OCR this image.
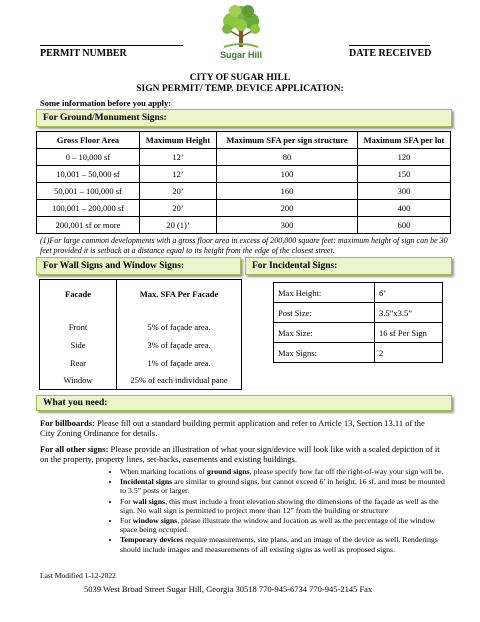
PERMIT NUMBER	DATE RECEIVED
Sugar Hill
CITY OF SUGAR HILL
SIGN PERMIT/ TEMP. DEVICE APPLICATION:
Some information before you apply:
For Ground/Monument Signs:
Gross Floor Area	Maximum Height	Maximum SFA per sign structure	Maximum SFA per lot
0 – 10,000 sf	12’	80	120
10,001 – 50,000 sf	12’	100	150
50,001 – 100,000 sf	20’	160	300
100,001 – 200,000 sf	20’	200	400
200,001 sf or more	20 (1)’	300	600
(1)For large common developments with a gross floor area in excess of 200,000 square feet: maximum height of sign can be 30 feet provided it is setback at a distance equal to its height from the edge of the closest street.
For Wall Signs and Window Signs:
Facade	Max. SFA Per Facade

Front	5% of façade area.
Side	3% of façade area.
Rear	1% of façade area.
Window	25% of each individual pane
For Incidental Signs:
Max Height:	6’
Post Size:	3.5”x3.5”
Max Size:	16 sf Per Sign
Max Signs:	2
What you need:
For billboards: Please fill out a standard building permit application and refer to Article 13, Section 13.11 of the City Zoning Ordinance for details.
For all other signs: Please provide an illustration of what your sign/device will look like with a scaled depiction of it on the property, property lines, set-backs, easements and existing buildings.
• When marking locations of ground signs, please specify how far off the right-of-way your sign will be.
• Incidental signs are similar to ground signs, but cannot exceed 6’ in height, 16 sf, and must be mounted to 3.5” posts or larger.
• For wall signs, this must include a front elevation showing the dimensions of the façade as well as the sign. No wall sign is permitted to project more than 12” from the building or structure
• For window signs, please illustrate the window and location as well as the percentage of the window space being occupied.
• Temporary devices require measurements, site plans, and an image of the device as well. Renderings should include images and measurements of all existing signs as well as proposed signs.
Last Modified 1-12-2022
5039 West Broad Street Sugar Hill, Georgia 30518 770-945-6734 770-945-2145 Fax
